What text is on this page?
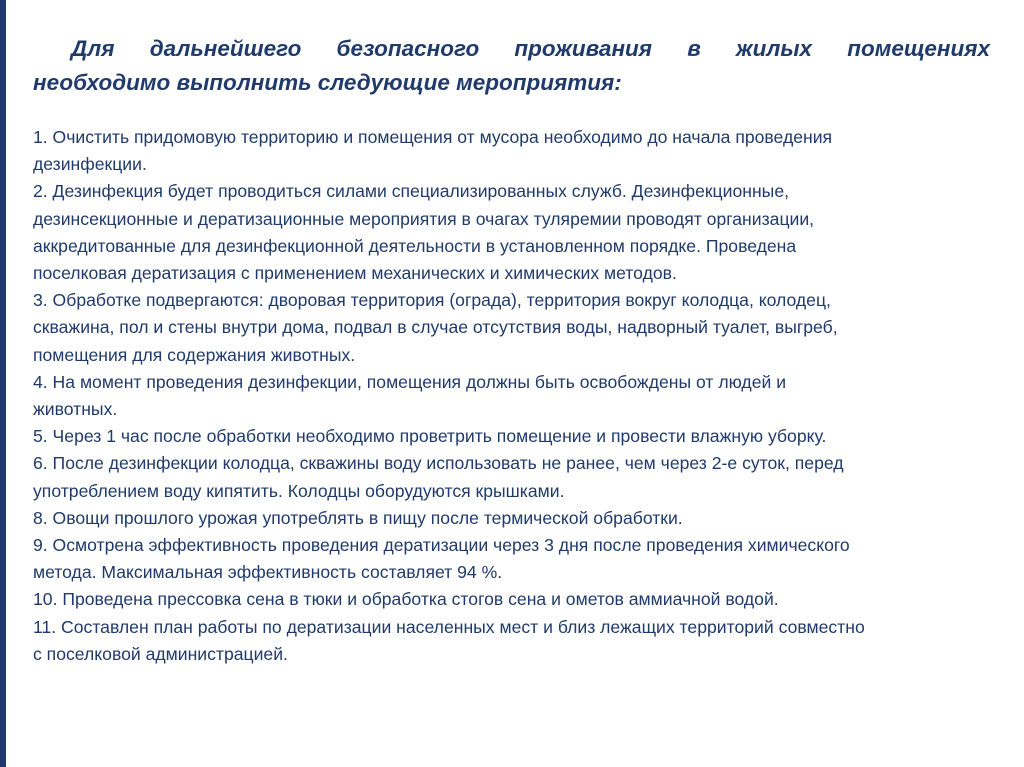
Для дальнейшего безопасного проживания в жилых помещениях
необходимо выполнить следующие мероприятия:
1. Очистить придомовую территорию и помещения от мусора необходимо до начала проведения
дезинфекции.
2. Дезинфекция будет проводиться силами специализированных служб. Дезинфекционные,
дезинсекционные и дератизационные мероприятия в очагах туляремии проводят организации,
аккредитованные для дезинфекционной деятельности в установленном порядке. Проведена
поселковая дератизация с применением механических и химических методов.
3. Обработке подвергаются: дворовая территория (ограда), территория вокруг колодца, колодец,
скважина, пол и стены внутри дома, подвал в случае отсутствия воды, надворный туалет, выгреб,
помещения для содержания животных.
4. На момент проведения дезинфекции, помещения должны быть освобождены от людей и
животных.
5. Через 1 час после обработки необходимо проветрить помещение и провести влажную уборку.
6. После дезинфекции колодца, скважины воду использовать не ранее, чем через 2-е суток, перед
употреблением воду кипятить. Колодцы оборудуются крышками.
8. Овощи прошлого урожая употреблять в пищу после термической обработки.
9. Осмотрена эффективность проведения дератизации через 3 дня после проведения химического
метода. Максимальная эффективность составляет 94 %.
10. Проведена прессовка сена в тюки и обработка стогов сена и ометов аммиачной водой.
11. Составлен план работы по дератизации населенных мест и близ лежащих территорий совместно
с поселковой администрацией.
